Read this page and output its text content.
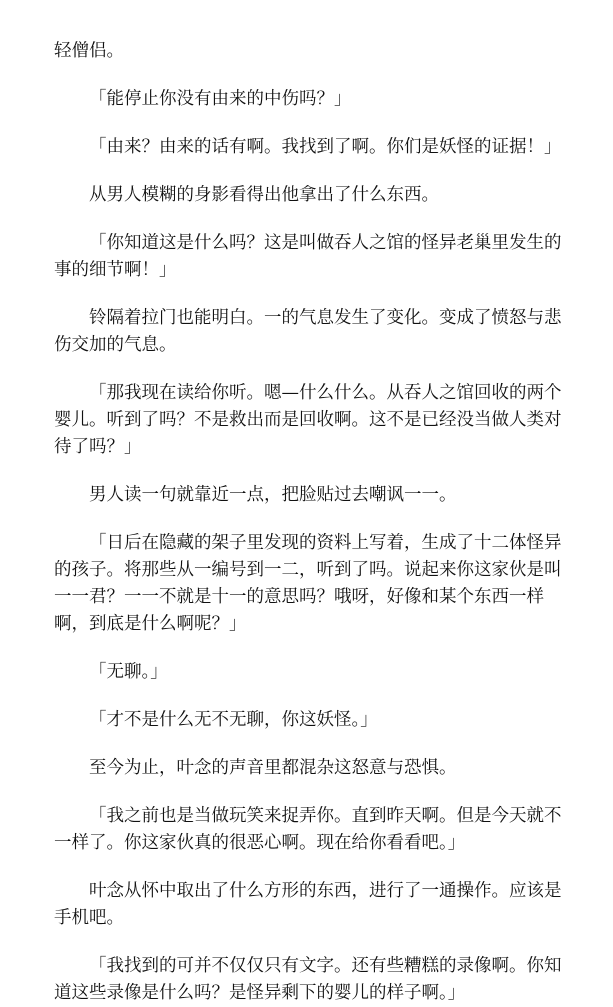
轻僧侣。

「能停止你没有由来的中伤吗？」

「由来？由来的话有啊。我找到了啊。你们是妖怪的证据！」

从男人模糊的身影看得出他拿出了什么东西。

「你知道这是什么吗？这是叫做吞人之馆的怪异老巢里发生的事的细节啊！」

铃隔着拉门也能明白。一的气息发生了变化。变成了愤怒与悲伤交加的气息。

「那我现在读给你听。嗯—什么什么。从吞人之馆回收的两个婴儿。听到了吗？不是救出而是回收啊。这不是已经没当做人类对待了吗？」

男人读一句就靠近一点，把脸贴过去嘲讽一一。

「日后在隐藏的架子里发现的资料上写着，生成了十二体怪异的孩子。将那些从一编号到一二，听到了吗。说起来你这家伙是叫一一君？一一不就是十一的意思吗？哦呀，好像和某个东西一样啊，到底是什么啊呢？」

「无聊。」

「才不是什么无不无聊，你这妖怪。」

至今为止，叶念的声音里都混杂这怒意与恐惧。

「我之前也是当做玩笑来捉弄你。直到昨天啊。但是今天就不一样了。你这家伙真的很恶心啊。现在给你看看吧。」

叶念从怀中取出了什么方形的东西，进行了一通操作。应该是手机吧。

「我找到的可并不仅仅只有文字。还有些糟糕的录像啊。你知道这些录像是什么吗？是怪异剩下的婴儿的样子啊。」
